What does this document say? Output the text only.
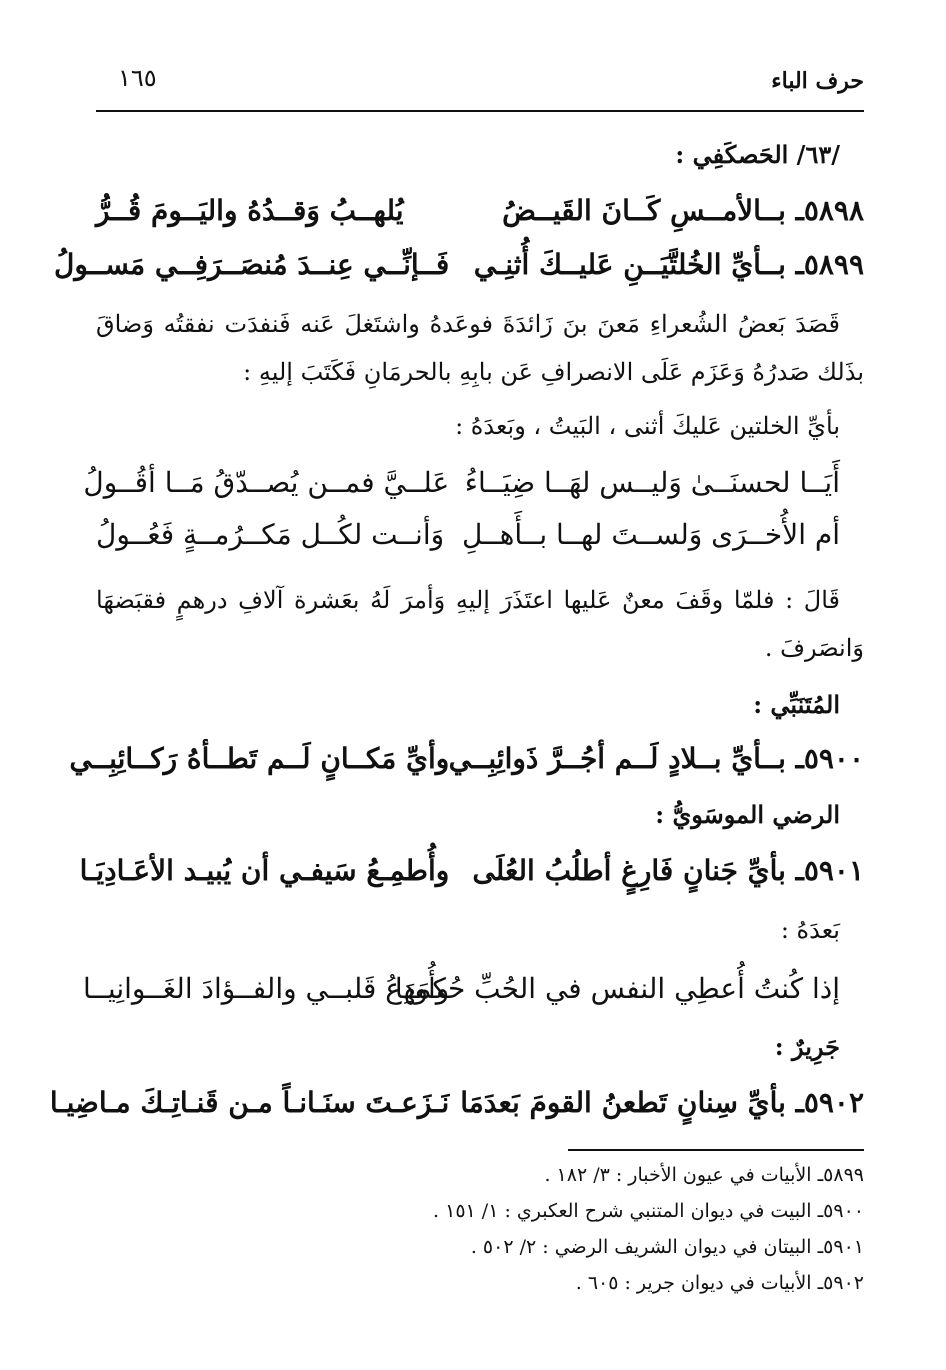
حرف الباء
١٦٥
/٦٣/ الحَصكَفِي :
٥٨٩٨ـ بــالأمــسِ كَــانَ القَيــضُ
يُلهــبُ وَقــدُهُ واليَــومَ قُــرُّ
٥٨٩٩ـ بــأيِّ الخُلتَّيَــنِ عَليــكَ أُثنِـي
فَــإنِّــي عِنــدَ مُنصَــرَفِــي مَســولُ
قَصَدَ بَعضُ الشُعراءِ مَعنَ بنَ زَائدَةَ فوعَدهُ واشتَغلَ عَنه فَنفدَت نفقتُه وَضاقَ بذَلك صَدرُهُ وَعَزَم عَلَى الانصرافِ عَن بابِهِ بالحرمَانِ فَكَتَبَ إليهِ :
بأيِّ الخلتين عَليكَ أثنى ، البَيتُ ، وبَعدَهُ :
أَيَــا لحسنَــىٰ وَليــس لهَــا ضِيَــاءُ
عَلــيَّ فمــن يُصــدّقُ مَــا أقُــولُ
أم الأُخــرَى وَلســتَ لهــا بــأَهــلِ
وَأنــت لكُــل مَكــرُمــةٍ فَعُــولُ
قَالَ : فلمّا وقَفَ معنٌ عَليها اعتَذَرَ إليهِ وَأمرَ لَهُ بعَشرة آلافِ درهمٍ فقبَضهَا وَانصَرفَ .
المُتَنَبِّي :
٥٩٠٠ـ بــأيِّ بــلادٍ لَــم أجُــرَّ ذَوائِبِــي
وأيِّ مَكــانٍ لَــم تَطــأهُ رَكــائِبِــي
الرضي الموسَويُّ :
٥٩٠١ـ بأيِّ جَنانٍ فَارِغٍ أطلُبُ العُلَى
وأُطمِـعُ سَيفـي أن يُبيـد الأعَـادِيَـا
بَعدَهُ :
إذا كُنتُ أُعطِي النفس في الحُبِّ حُكمَهَا
وأُودِعُ قَلبــي والفــؤادَ الغَــوانِيــا
جَرِيرٌ :
٥٩٠٢ـ بأيِّ سِنانٍ تَطعنُ القومَ بَعدَمَا
نَـزَعـتَ سنَـانـاً مـن قَنـاتِـكَ مـاضِيـا
٥٨٩٩ـ الأبيات في عيون الأخبار : ٣/ ١٨٢ .
٥٩٠٠ـ البيت في ديوان المتنبي شرح العكبري : ١/ ١٥١ .
٥٩٠١ـ البيتان في ديوان الشريف الرضي : ٢/ ٥٠٢ .
٥٩٠٢ـ الأبيات في ديوان جرير : ٦٠٥ .
